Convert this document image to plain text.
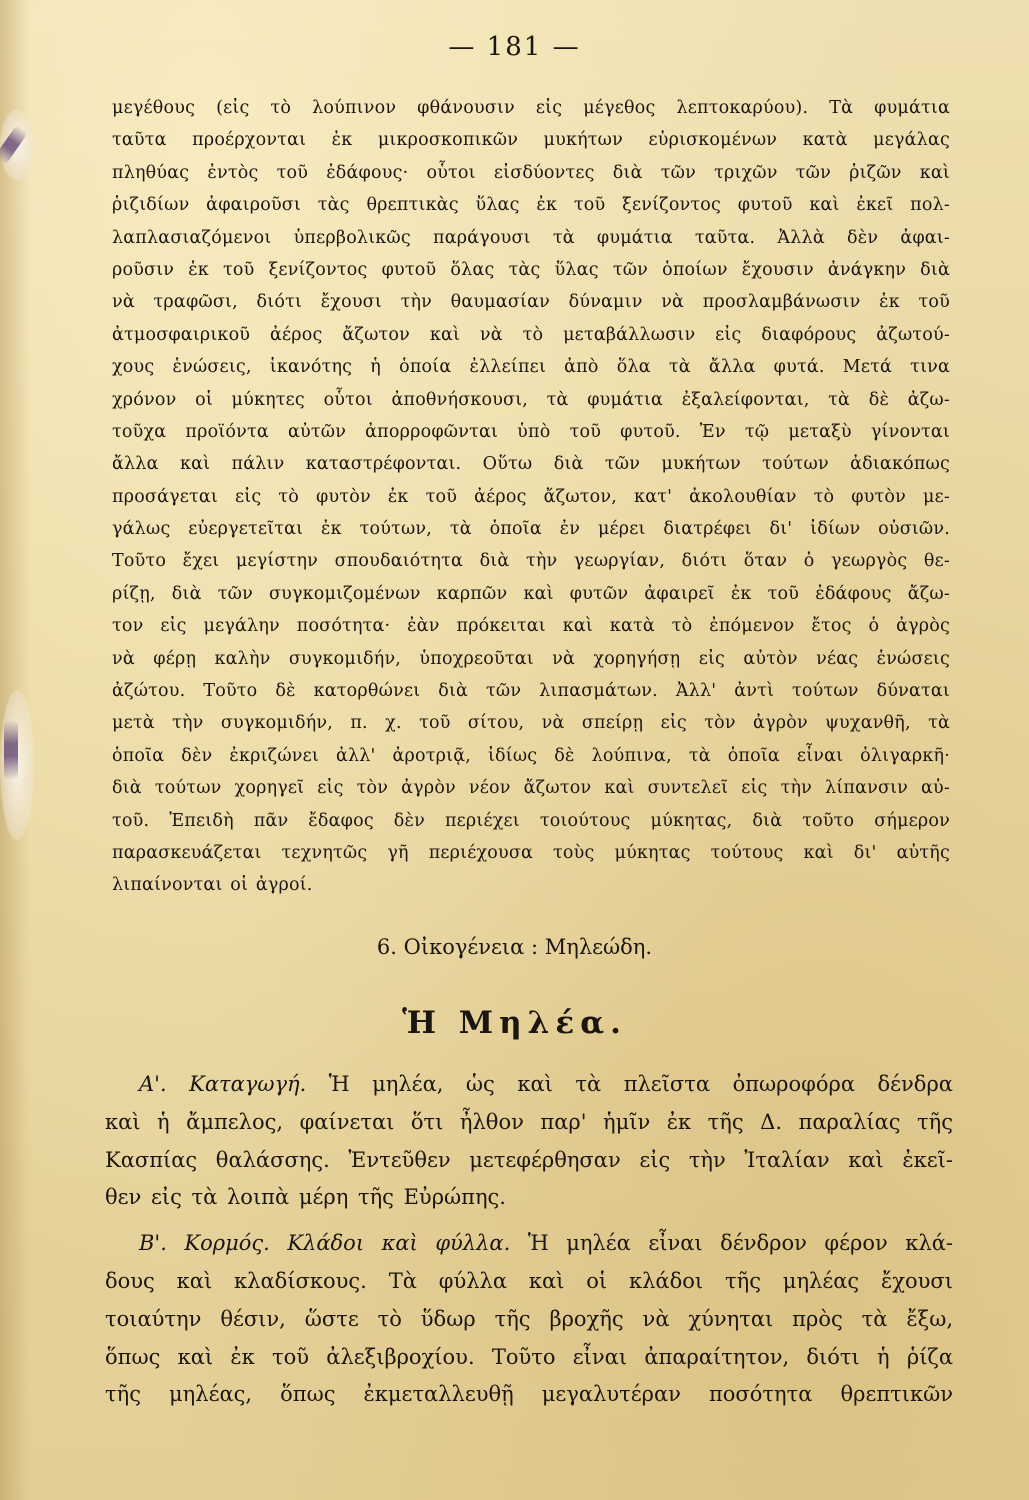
— 181 —
μεγέθους (εἰς τὸ λούπινον φθάνουσιν εἰς μέγεθος λεπτοκαρύου). Τὰ φυμάτια
ταῦτα προέρχονται ἐκ μικροσκοπικῶν μυκήτων εὑρισκομένων κατὰ μεγάλας
πληθύας ἐντὸς τοῦ ἐδάφους· οὗτοι εἰσδύοντες διὰ τῶν τριχῶν τῶν ῥιζῶν καὶ
ῥιζιδίων ἀφαιροῦσι τὰς θρεπτικὰς ὕλας ἐκ τοῦ ξενίζοντος φυτοῦ καὶ ἐκεῖ πολ-
λαπλασιαζόμενοι ὑπερβολικῶς παράγουσι τὰ φυμάτια ταῦτα. Ἀλλὰ δὲν ἀφαι-
ροῦσιν ἐκ τοῦ ξενίζοντος φυτοῦ ὅλας τὰς ὕλας τῶν ὁποίων ἔχουσιν ἀνάγκην διὰ
νὰ τραφῶσι, διότι ἔχουσι τὴν θαυμασίαν δύναμιν νὰ προσλαμβάνωσιν ἐκ τοῦ
ἀτμοσφαιρικοῦ ἀέρος ἄζωτον καὶ νὰ τὸ μεταβάλλωσιν εἰς διαφόρους ἀζωτού-
χους ἑνώσεις, ἱκανότης ἡ ὁποία ἐλλείπει ἀπὸ ὅλα τὰ ἄλλα φυτά. Μετά τινα
χρόνον οἱ μύκητες οὗτοι ἀποθνήσκουσι, τὰ φυμάτια ἐξαλείφονται, τὰ δὲ ἀζω-
τοῦχα προϊόντα αὐτῶν ἀπορροφῶνται ὑπὸ τοῦ φυτοῦ. Ἐν τῷ μεταξὺ γίνονται
ἄλλα καὶ πάλιν καταστρέφονται. Οὕτω διὰ τῶν μυκήτων τούτων ἀδιακόπως
προσάγεται εἰς τὸ φυτὸν ἐκ τοῦ ἀέρος ἄζωτον, κατ' ἀκολουθίαν τὸ φυτὸν με-
γάλως εὐεργετεῖται ἐκ τούτων, τὰ ὁποῖα ἐν μέρει διατρέφει δι' ἰδίων οὐσιῶν.
Τοῦτο ἔχει μεγίστην σπουδαιότητα διὰ τὴν γεωργίαν, διότι ὅταν ὁ γεωργὸς θε-
ρίζῃ, διὰ τῶν συγκομιζομένων καρπῶν καὶ φυτῶν ἀφαιρεῖ ἐκ τοῦ ἐδάφους ἄζω-
τον εἰς μεγάλην ποσότητα· ἐὰν πρόκειται καὶ κατὰ τὸ ἐπόμενον ἔτος ὁ ἀγρὸς
νὰ φέρῃ καλὴν συγκομιδήν, ὑποχρεοῦται νὰ χορηγήσῃ εἰς αὐτὸν νέας ἑνώσεις
ἀζώτου. Τοῦτο δὲ κατορθώνει διὰ τῶν λιπασμάτων. Ἀλλ' ἀντὶ τούτων δύναται
μετὰ τὴν συγκομιδήν, π. χ. τοῦ σίτου, νὰ σπείρῃ εἰς τὸν ἀγρὸν ψυχανθῆ, τὰ
ὁποῖα δὲν ἐκριζώνει ἀλλ' ἀροτριᾷ, ἰδίως δὲ λούπινα, τὰ ὁποῖα εἶναι ὀλιγαρκῆ·
διὰ τούτων χορηγεῖ εἰς τὸν ἀγρὸν νέον ἄζωτον καὶ συντελεῖ εἰς τὴν λίπανσιν αὐ-
τοῦ. Ἐπειδὴ πᾶν ἔδαφος δὲν περιέχει τοιούτους μύκητας, διὰ τοῦτο σήμερον
παρασκευάζεται τεχνητῶς γῆ περιέχουσα τοὺς μύκητας τούτους καὶ δι' αὐτῆς
λιπαίνονται οἱ ἀγροί.
6. Οἰκογένεια : Μηλεώδη.
Ἡ Μηλέα.
Α'. Καταγωγή. Ἡ μηλέα, ὡς καὶ τὰ πλεῖστα ὀπωροφόρα δένδρα
καὶ ἡ ἄμπελος, φαίνεται ὅτι ἦλθον παρ' ἡμῖν ἐκ τῆς Δ. παραλίας τῆς
Κασπίας θαλάσσης. Ἐντεῦθεν μετεφέρθησαν εἰς τὴν Ἰταλίαν καὶ ἐκεῖ-
θεν εἰς τὰ λοιπὰ μέρη τῆς Εὐρώπης.
Β'. Κορμός. Κλάδοι καὶ φύλλα. Ἡ μηλέα εἶναι δένδρον φέρον κλά-
δους καὶ κλαδίσκους. Τὰ φύλλα καὶ οἱ κλάδοι τῆς μηλέας ἔχουσι
τοιαύτην θέσιν, ὥστε τὸ ὕδωρ τῆς βροχῆς νὰ χύνηται πρὸς τὰ ἔξω,
ὅπως καὶ ἐκ τοῦ ἀλεξιβροχίου. Τοῦτο εἶναι ἀπαραίτητον, διότι ἡ ῥίζα
τῆς μηλέας, ὅπως ἐκμεταλλευθῇ μεγαλυτέραν ποσότητα θρεπτικῶν
